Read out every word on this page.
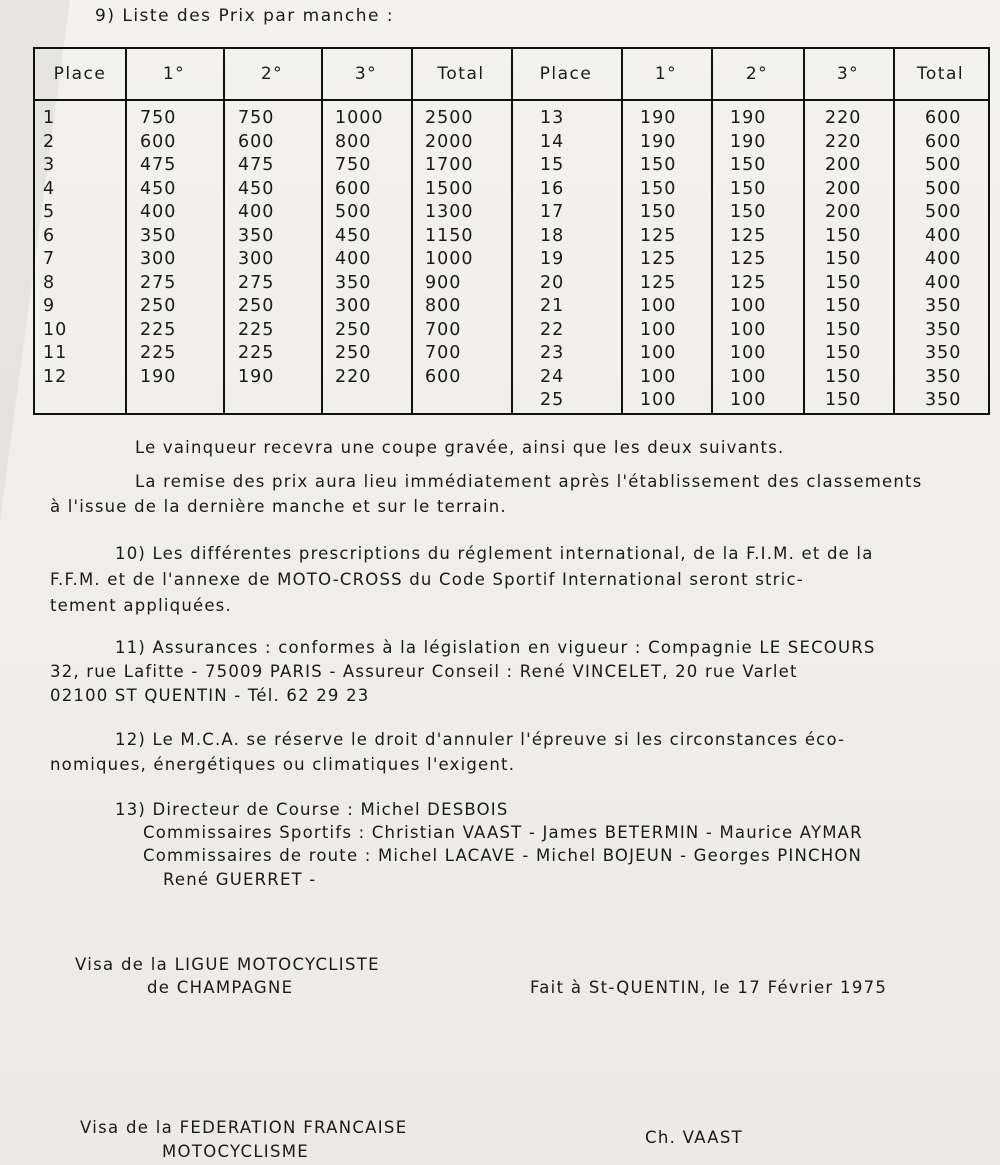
9) Liste des Prix par manche :
Place	1°	2°	3°	Total	Place	1°	2°	3°	Total
1	750	750	1000 2500
2	600	600	800	2000
3	475	475	750	1700
4	450	450	600	1500
5	400	400	500	1300
6	350	350	450	1150
7	300	300	400	1000
8	275	275	350	900
9	250	250	300	800
10	225	225	250	700
11	225	225	250	700
12	190	190	220	600
13	190	190	220	600
14	190	190	220	600
15	150	150	200	500
16	150	150	200	500
17	150	150	200	500
18	125	125	150	400
19	125	125	150	400
20	125	125	150	400
21	100	100	150	350
22	100	100	150	350
23	100	100	150	350
24	100	100	150	350
25	100	100	150	350
Le vainqueur recevra une coupe gravée, ainsi que les deux suivants.
La remise des prix aura lieu immédiatement après l'établissement des classements
à l'issue de la dernière manche et sur le terrain.
10) Les différentes prescriptions du réglement international, de la F.I.M. et de la
F.F.M. et de l'annexe de MOTO-CROSS du Code Sportif International seront stric-
tement appliquées.
11) Assurances : conformes à la législation en vigueur : Compagnie LE SECOURS
32, rue Lafitte - 75009 PARIS - Assureur Conseil : René VINCELET, 20 rue Varlet
02100 ST QUENTIN - Tél. 62 29 23
12) Le M.C.A. se réserve le droit d'annuler l'épreuve si les circonstances éco-
nomiques, énergétiques ou climatiques l'exigent.
13) Directeur de Course : Michel DESBOIS
Commissaires Sportifs : Christian VAAST - James BETERMIN - Maurice AYMAR
Commissaires de route : Michel LACAVE - Michel BOJEUN - Georges PINCHON
René GUERRET -
Visa de la LIGUE MOTOCYCLISTE
de CHAMPAGNE	Fait à St-QUENTIN, le 17 Février 1975
Visa de la FEDERATION FRANCAISE
MOTOCYCLISME
Ch. VAAST
